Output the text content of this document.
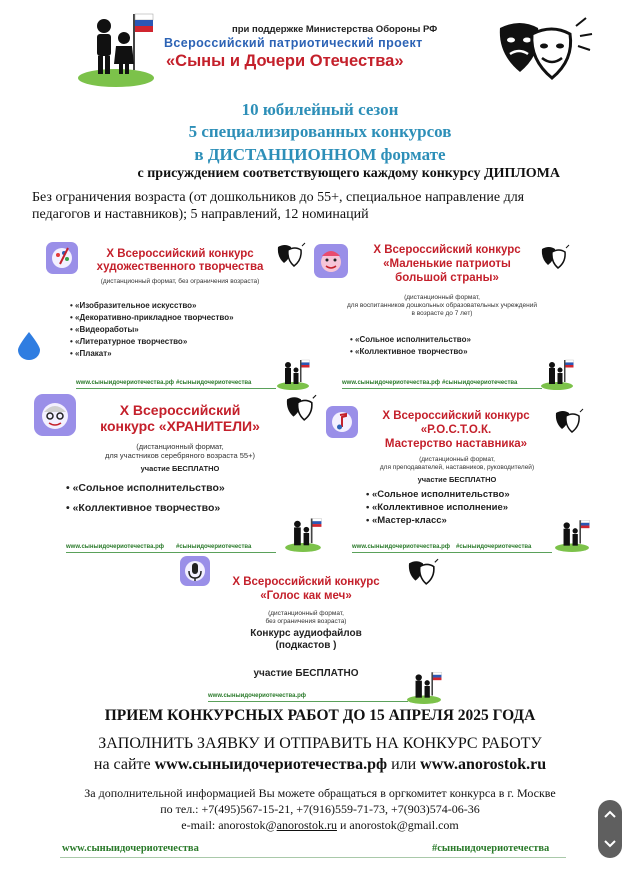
при поддержке Министерства Обороны РФ
Всероссийский патриотический проект
«Сыны и Дочери Отечества»
10 юбилейный сезон
5 специализированных конкурсов
в ДИСТАНЦИОННОМ формате
с присуждением соответствующего каждому конкурсу ДИПЛОМА
Без ограничения возраста (от дошкольников до 55+, специальное направление для
педагогов и наставников); 5 направлений, 12 номинаций
X Всероссийский конкурс
художественного творчества
(дистанционный формат, без ограничения возраста)
• «Изобразительное искусство»
• «Декоративно-прикладное творчество»
• «Видеоработы»
• «Литературное творчество»
• «Плакат»
www.сыныидочериотечества.рф #сыныидочериотечества
X Всероссийский конкурс
«Маленькие патриоты
большой страны»
(дистанционный формат,
для воспитанников дошкольных образовательных учреждений
в возрасте до 7 лет)
• «Сольное исполнительство»
• «Коллективное творчество»
www.сыныидочериотечества.рф #сыныидочериотечества
X Всероссийский
конкурс «ХРАНИТЕЛИ»
(дистанционный формат,
для участников серебряного возраста 55+)
участие БЕСПЛАТНО
• «Сольное исполнительство»
• «Коллективное творчество»
www.сыныидочериотечества.рф #сыныидочериотечества
X Всероссийский конкурс
«Р.О.С.Т.О.К.
Мастерство наставника»
(дистанционный формат,
для преподавателей, наставников, руководителей)
участие БЕСПЛАТНО
• «Сольное исполнительство»
• «Коллективное исполнение»
• «Мастер-класс»
www.сыныидочериотечества.рф #сыныидочериотечества
X Всероссийский конкурс
«Голос как меч»
(дистанционный формат,
без ограничения возраста)
Конкурс аудиофайлов
(подкастов )
участие БЕСПЛАТНО
www.сыныидочериотечества.рф
ПРИЕМ КОНКУРСНЫХ РАБОТ ДО 15 АПРЕЛЯ 2025 ГОДА
ЗАПОЛНИТЬ ЗАЯВКУ И ОТПРАВИТЬ НА КОНКУРС РАБОТУ
на сайте www.сыныидочериотечества.рф или www.anorostok.ru
За дополнительной информацией Вы можете обращаться в оргкомитет конкурса в г. Москве
по тел.: +7(495)567-15-21, +7(916)559-71-73, +7(903)574-06-36
e-mail: anorostok@anorostok.ru и anorostok@gmail.com
www.сыныидочериотечества	#сыныидочериотечества
